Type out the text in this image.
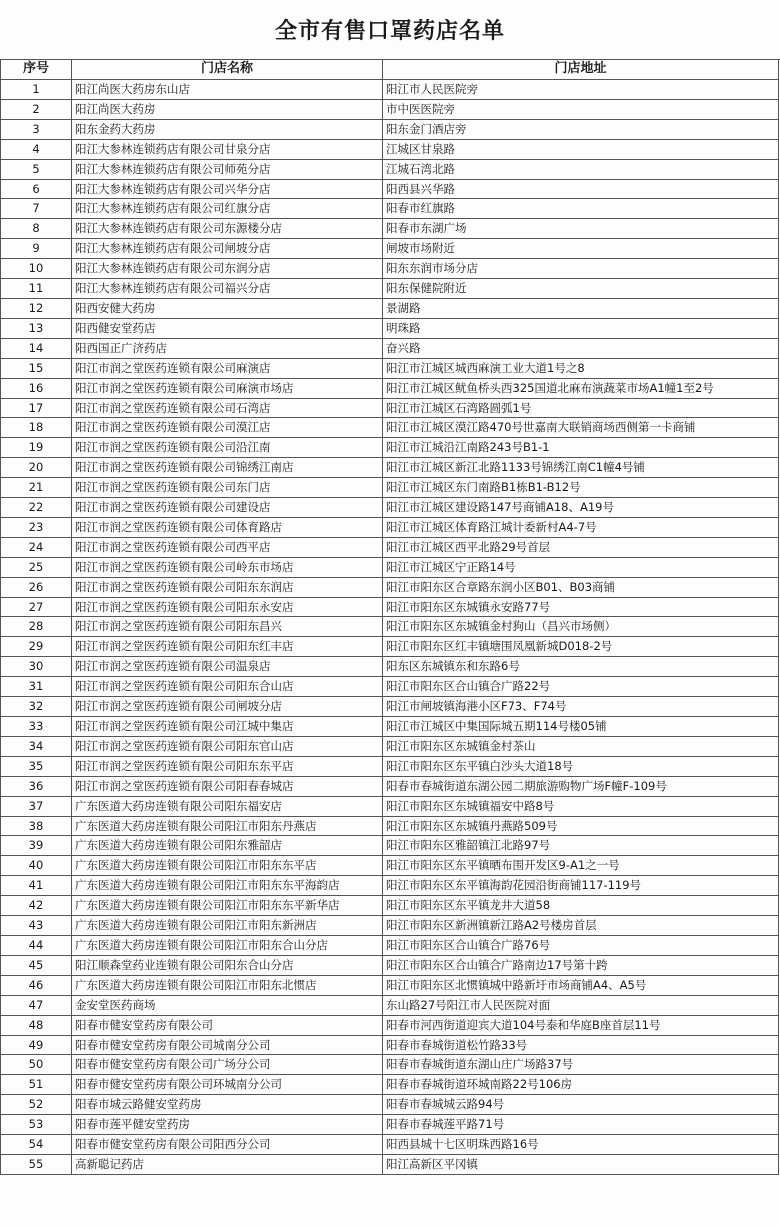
全市有售口罩药店名单
序号	门店名称	门店地址
1	阳江尚医大药房东山店	阳江市人民医院旁
2	阳江尚医大药房	市中医医院旁
3	阳东金药大药房	阳东金门酒店旁
4	阳江大参林连锁药店有限公司甘泉分店	江城区甘泉路
5	阳江大参林连锁药店有限公司师苑分店	江城石湾北路
6	阳江大参林连锁药店有限公司兴华分店	阳西县兴华路
7	阳江大参林连锁药店有限公司红旗分店	阳春市红旗路
8	阳江大参林连锁药店有限公司东源楼分店	阳春市东湖广场
9	阳江大参林连锁药店有限公司闸坡分店	闸坡市场附近
10	阳江大参林连锁药店有限公司东润分店	阳东东润市场分店
11	阳江大参林连锁药店有限公司福兴分店	阳东保健院附近
12	阳西安健大药房	景湖路
13	阳西健安堂药店	明珠路
14	阳西国正广济药店	奋兴路
15	阳江市润之堂医药连锁有限公司麻演店	阳江市江城区城西麻演工业大道1号之8
16	阳江市润之堂医药连锁有限公司麻演市场店	阳江市江城区鱿鱼桥头西325国道北麻布演蔬菜市场A1幢1至2号
17	阳江市润之堂医药连锁有限公司石湾店	阳江市江城区石湾路圆弧1号
18	阳江市润之堂医药连锁有限公司漠江店	阳江市江城区漠江路470号世嘉南大联销商场西侧第一卡商铺
19	阳江市润之堂医药连锁有限公司沿江南	阳江市江城沿江南路243号B1-1
20	阳江市润之堂医药连锁有限公司锦绣江南店	阳江市江城区新江北路1133号锦绣江南C1幢4号铺
21	阳江市润之堂医药连锁有限公司东门店	阳江市江城区东门南路B1栋B1-B12号
22	阳江市润之堂医药连锁有限公司建设店	阳江市江城区建设路147号商铺A18、A19号
23	阳江市润之堂医药连锁有限公司体育路店	阳江市江城区体育路江城计委新村A4-7号
24	阳江市润之堂医药连锁有限公司西平店	阳江市江城区西平北路29号首层
25	阳江市润之堂医药连锁有限公司岭东市场店	阳江市江城区宁正路14号
26	阳江市润之堂医药连锁有限公司阳东东润店	阳江市阳东区合章路东润小区B01、B03商铺
27	阳江市润之堂医药连锁有限公司阳东永安店	阳江市阳东区东城镇永安路77号
28	阳江市润之堂医药连锁有限公司阳东昌兴	阳江市阳东区东城镇金村狗山（昌兴市场侧）
29	阳江市润之堂医药连锁有限公司阳东红丰店	阳江市阳东区红丰镇塘围凤凰新城D018-2号
30	阳江市润之堂医药连锁有限公司温泉店	阳东区东城镇东和东路6号
31	阳江市润之堂医药连锁有限公司阳东合山店	阳江市阳东区合山镇合广路22号
32	阳江市润之堂医药连锁有限公司闸坡分店	阳江市闸坡镇海港小区F73、F74号
33	阳江市润之堂医药连锁有限公司江城中集店	阳江市江城区中集国际城五期114号楼05铺
34	阳江市润之堂医药连锁有限公司阳东官山店	阳江市阳东区东城镇金村茶山
35	阳江市润之堂医药连锁有限公司阳东东平店	阳江市阳东区东平镇白沙头大道18号
36	阳江市润之堂医药连锁有限公司阳春春城店	阳春市春城街道东湖公园二期旅游购物广场F幢F-109号
37	广东医道大药房连锁有限公司阳东福安店	阳江市阳东区东城镇福安中路8号
38	广东医道大药房连锁有限公司阳江市阳东丹燕店	阳江市阳东区东城镇丹燕路509号
39	广东医道大药房连锁有限公司阳东雅韶店	阳江市阳东区雅韶镇江北路97号
40	广东医道大药房连锁有限公司阳江市阳东东平店	阳江市阳东区东平镇晒布围开发区9-A1之一号
41	广东医道大药房连锁有限公司阳江市阳东东平海韵店	阳江市阳东区东平镇海韵花园沿街商铺117-119号
42	广东医道大药房连锁有限公司阳江市阳东东平新华店	阳江市阳东区东平镇龙井大道58
43	广东医道大药房连锁有限公司阳江市阳东新洲店	阳江市阳东区新洲镇新江路A2号楼房首层
44	广东医道大药房连锁有限公司阳江市阳东合山分店	阳江市阳东区合山镇合广路76号
45	阳江顺森堂药业连锁有限公司阳东合山分店	阳江市阳东区合山镇合广路南边17号第十跨
46	广东医道大药房连锁有限公司阳江市阳东北惯店	阳江市阳东区北惯镇城中路新圩市场商铺A4、A5号
47	金安堂医药商场	东山路27号阳江市人民医院对面
48	阳春市健安堂药房有限公司	阳春市河西街道迎宾大道104号泰和华庭B座首层11号
49	阳春市健安堂药房有限公司城南分公司	阳春市春城街道松竹路33号
50	阳春市健安堂药房有限公司广场分公司	阳春市春城街道东湖山庄广场路37号
51	阳春市健安堂药房有限公司环城南分公司	阳春市春城街道环城南路22号106房
52	阳春市城云路健安堂药房	阳春市春城城云路94号
53	阳春市莲平健安堂药房	阳春市春城莲平路71号
54	阳春市健安堂药房有限公司阳西分公司	阳西县城十七区明珠西路16号
55	高新聪记药店	阳江高新区平冈镇
